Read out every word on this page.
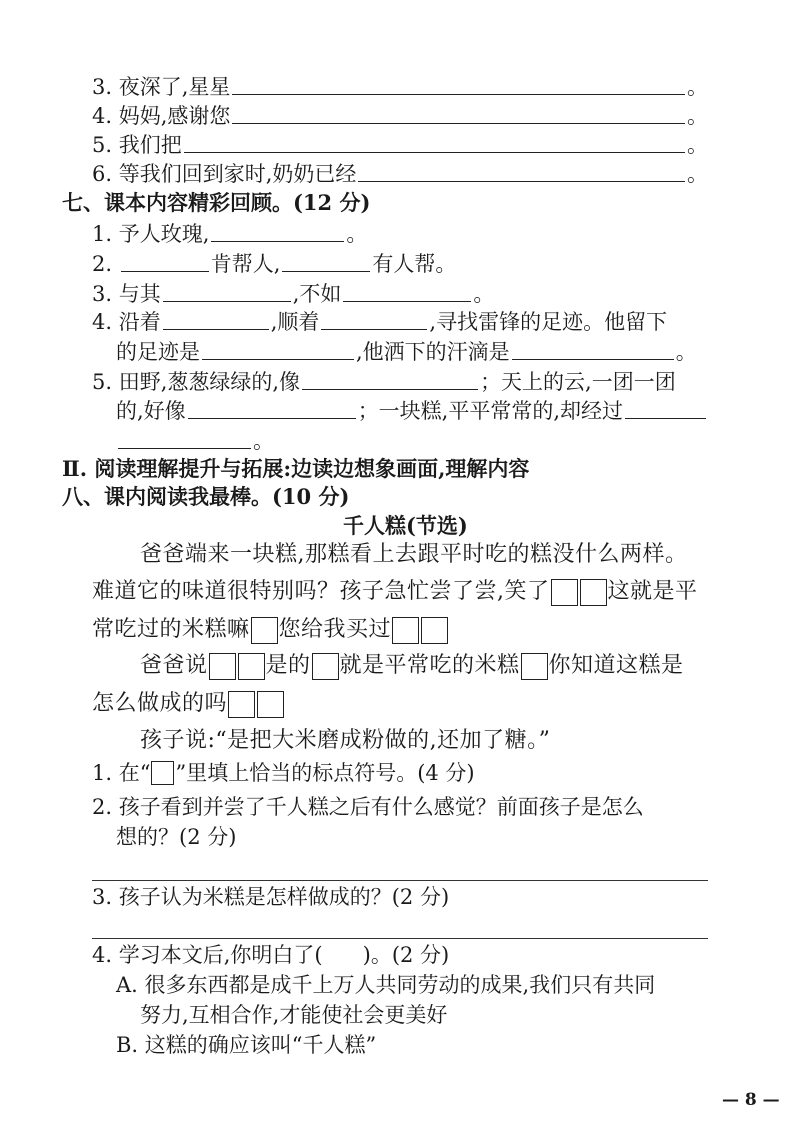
3. 夜深了,星星	。
4. 妈妈,感谢您	。
5. 我们把	。
6. 等我们回到家时,奶奶已经	。
七、课本内容精彩回顾。(12 分)
1. 予人玫瑰,	。
2.	肯帮人,	有人帮。
3. 与其	,不如	。
4. 沿着	,顺着	,寻找雷锋的足迹。他留下
的足迹是	,他洒下的汗滴是	。
5. 田野,葱葱绿绿的,像	；天上的云,一团一团
的,好像	；一块糕,平平常常的,却经过
。
Ⅱ. 阅读理解提升与拓展:边读边想象画面,理解内容
八、课内阅读我最棒。(10 分)
千人糕(节选)
爸爸端来一块糕,那糕看上去跟平时吃的糕没什么两样。
难道它的味道很特别吗？孩子急忙尝了尝,笑了	这就是平
常吃过的米糕嘛 您给我买过
爸爸说	是的 就是平常吃的米糕 你知道这糕是
怎么做成的吗
孩子说:“是把大米磨成粉做的,还加了糖。”
1. 在“ ”里填上恰当的标点符号。(4 分)
2. 孩子看到并尝了千人糕之后有什么感觉？前面孩子是怎么
想的？(2 分)
3. 孩子认为米糕是怎样做成的？(2 分)
4. 学习本文后,你明白了(      )。(2 分)
A. 很多东西都是成千上万人共同劳动的成果,我们只有共同
努力,互相合作,才能使社会更美好
B. 这糕的确应该叫“千人糕”
— 8 —
